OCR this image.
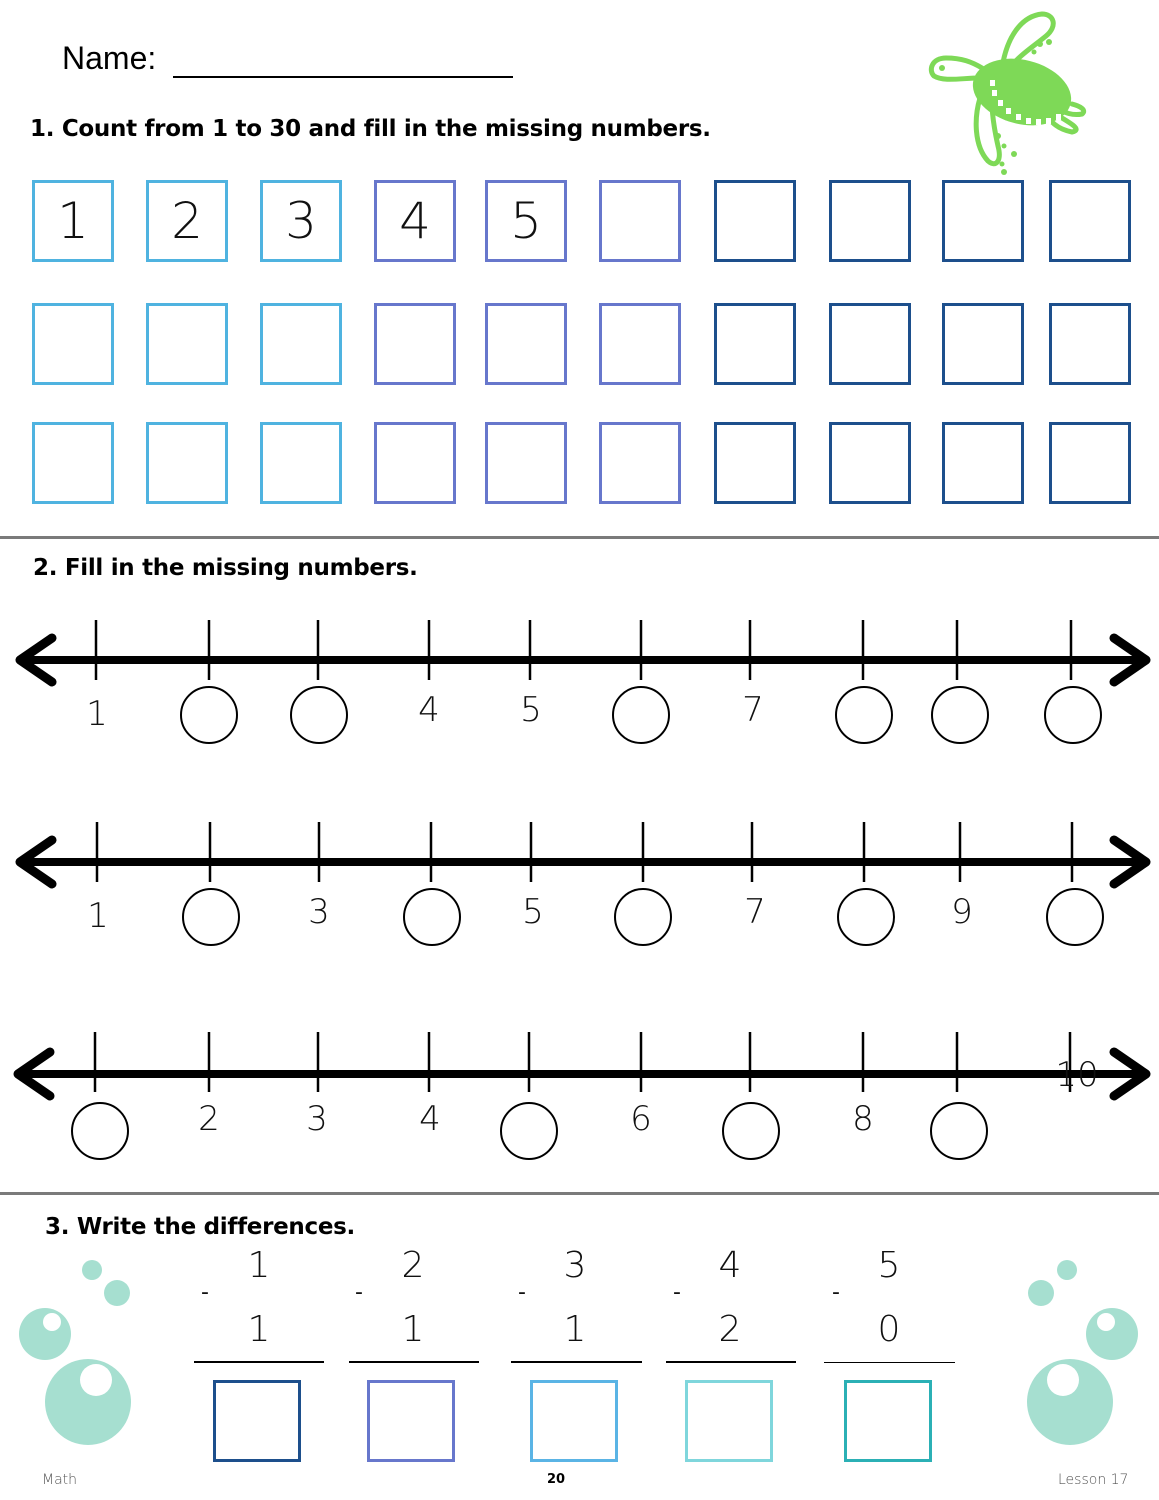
Name:
1. Count from 1 to 30 and fill in the missing numbers.
1	2	3	4	5
2. Fill in the missing numbers.
1	4 5	7
1	3	5	7	9
2	3	4	6	8
10
3. Write the differences.
1
-
1
2
-
1
3
-
1
4
-
2
5
-
0
Math	20	Lesson 17
